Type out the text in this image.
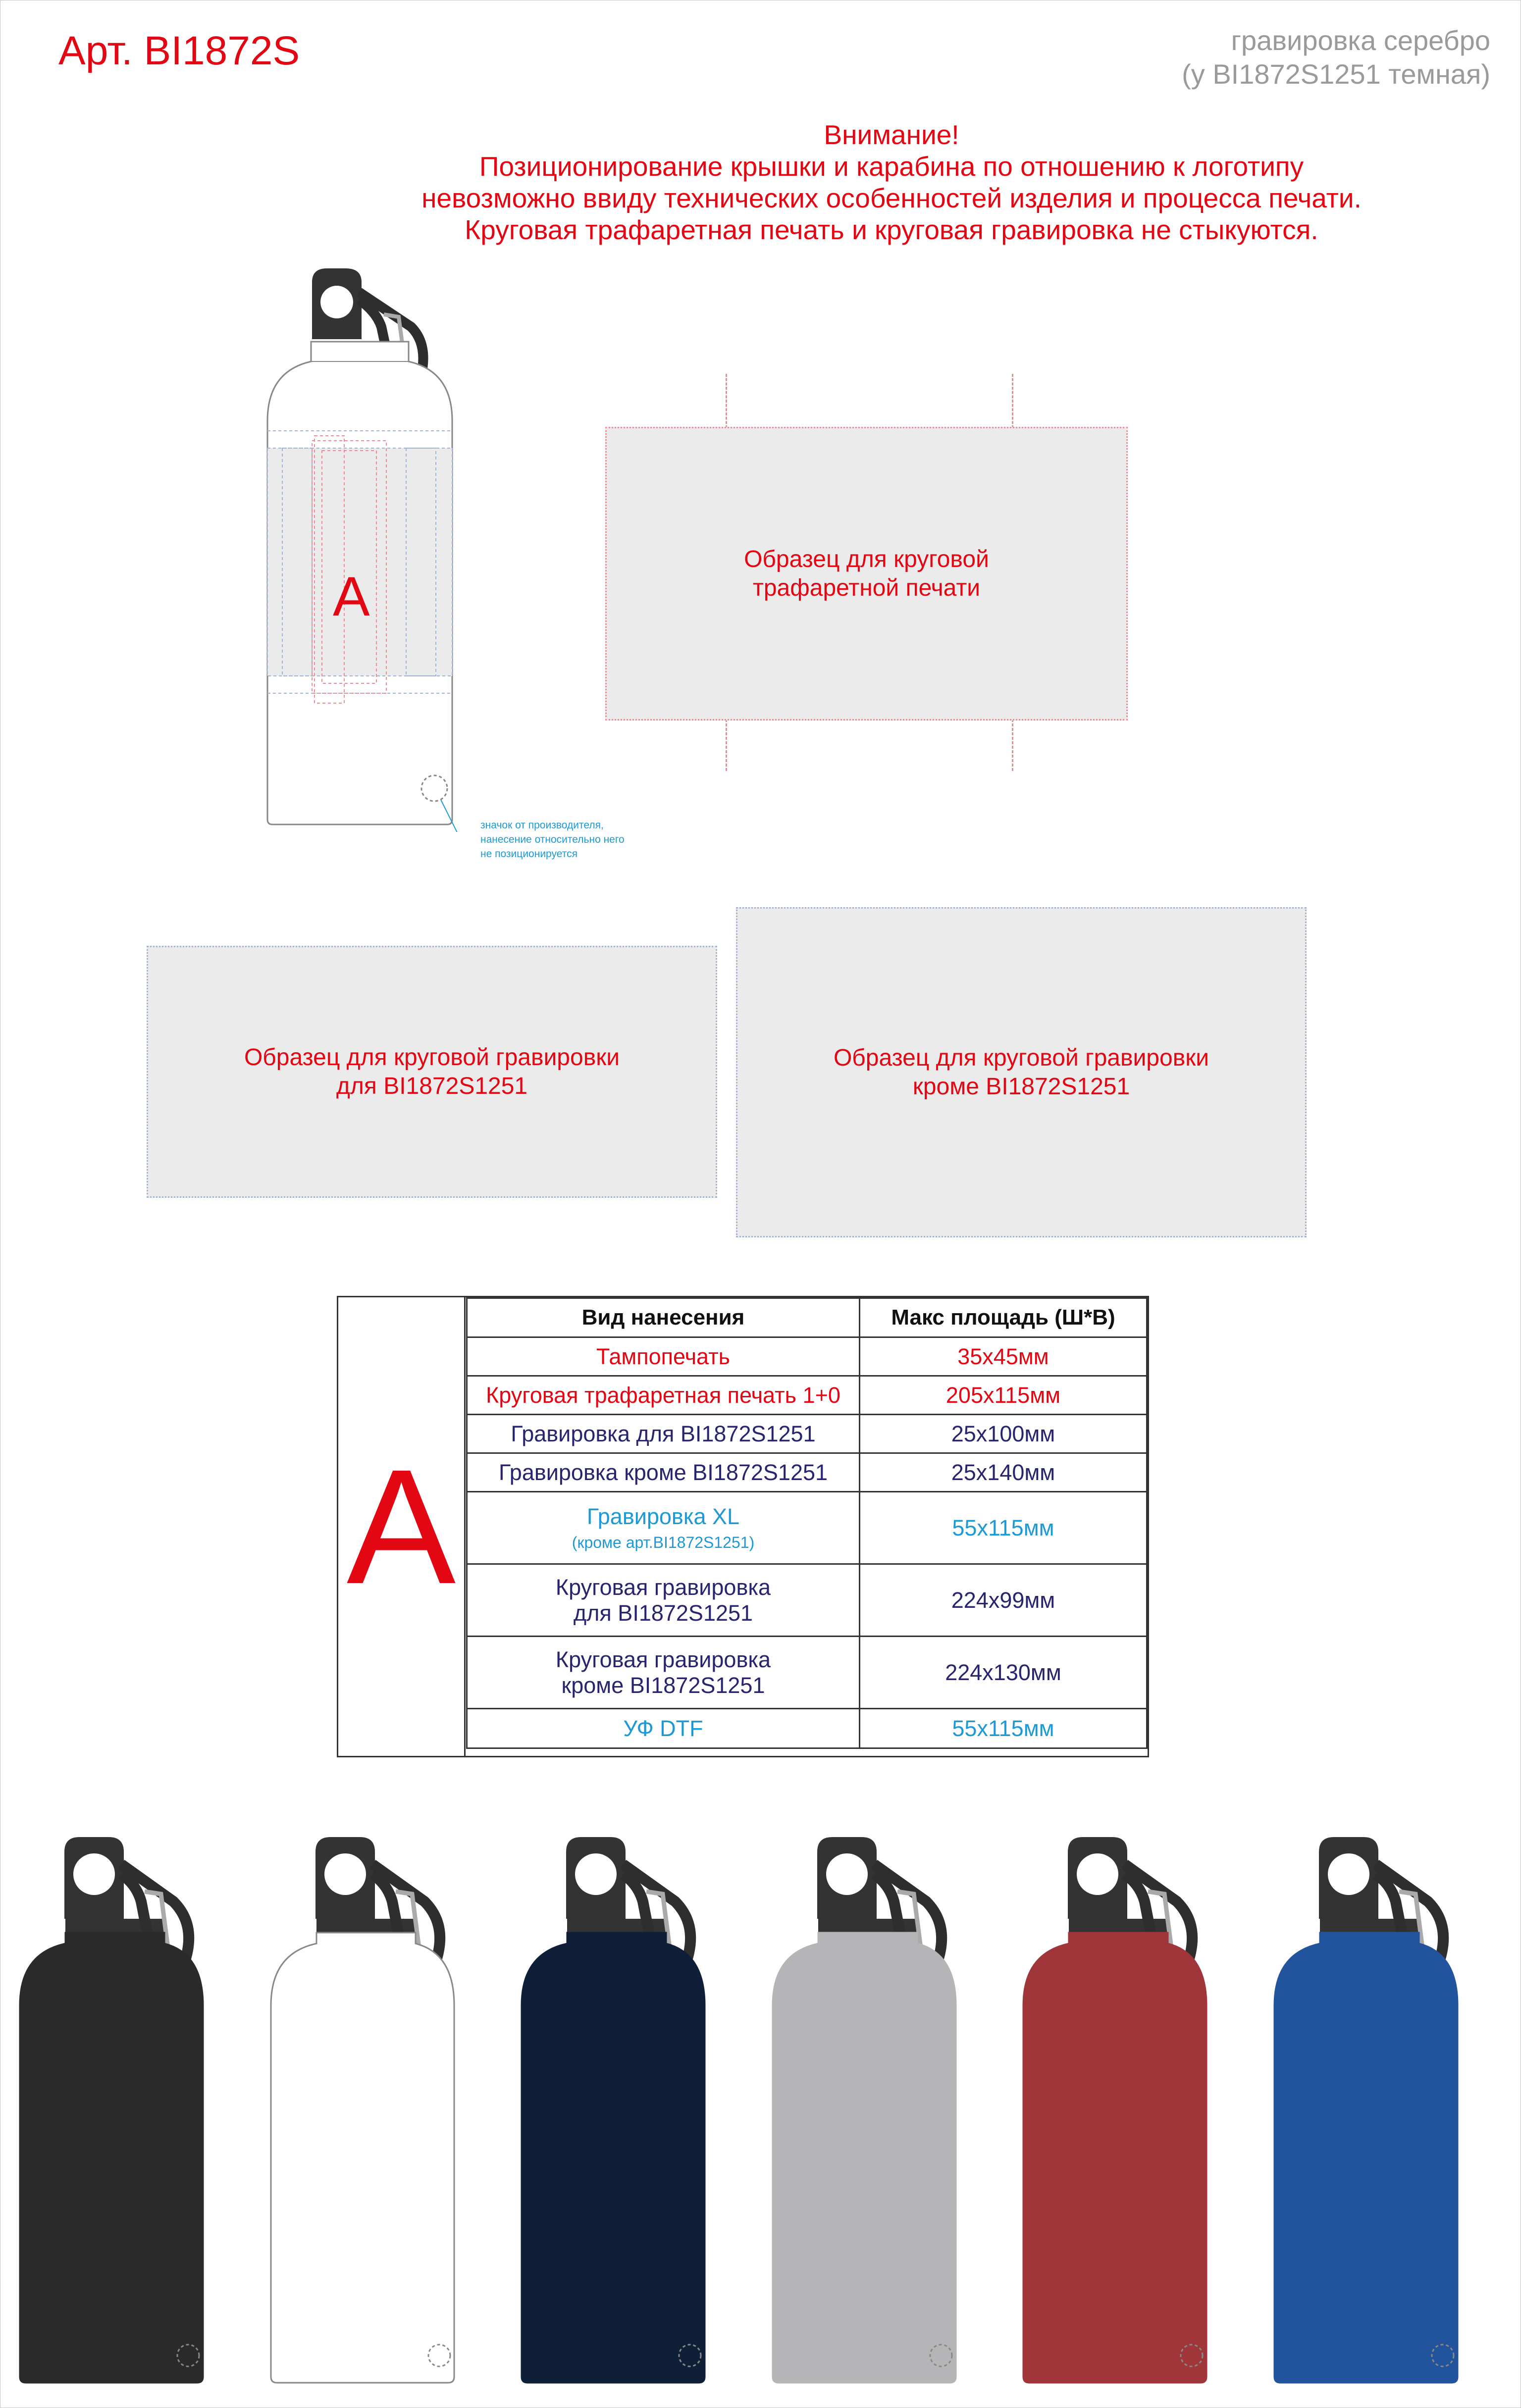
Арт. BI1872S	гравировка серебро
(у BI1872S1251 темная)
Внимание!
Позиционирование крышки и карабина по отношению к логотипу
невозможно ввиду технических особенностей изделия и процесса печати.
Круговая трафаретная печать и круговая гравировка не стыкуются.
A
значок от производителя,
нанесение относительно него
не позиционируется
Образец для круговой
трафаретной печати
Образец для круговой гравировки
для BI1872S1251
Образец для круговой гравировки
кроме BI1872S1251
A
Вид нанесения	Макс площадь (Ш*В)
Тампопечать	35х45мм
Круговая трафаретная печать 1+0	205х115мм
Гравировка для BI1872S1251	25х100мм
Гравировка кроме BI1872S1251	25х140мм
Гравировка XL
(кроме арт.BI1872S1251)	55х115мм

Круговая гравировка
для BI1872S1251	224х99мм

Круговая гравировка
кроме BI1872S1251	224х130мм
УФ DTF	55х115мм
